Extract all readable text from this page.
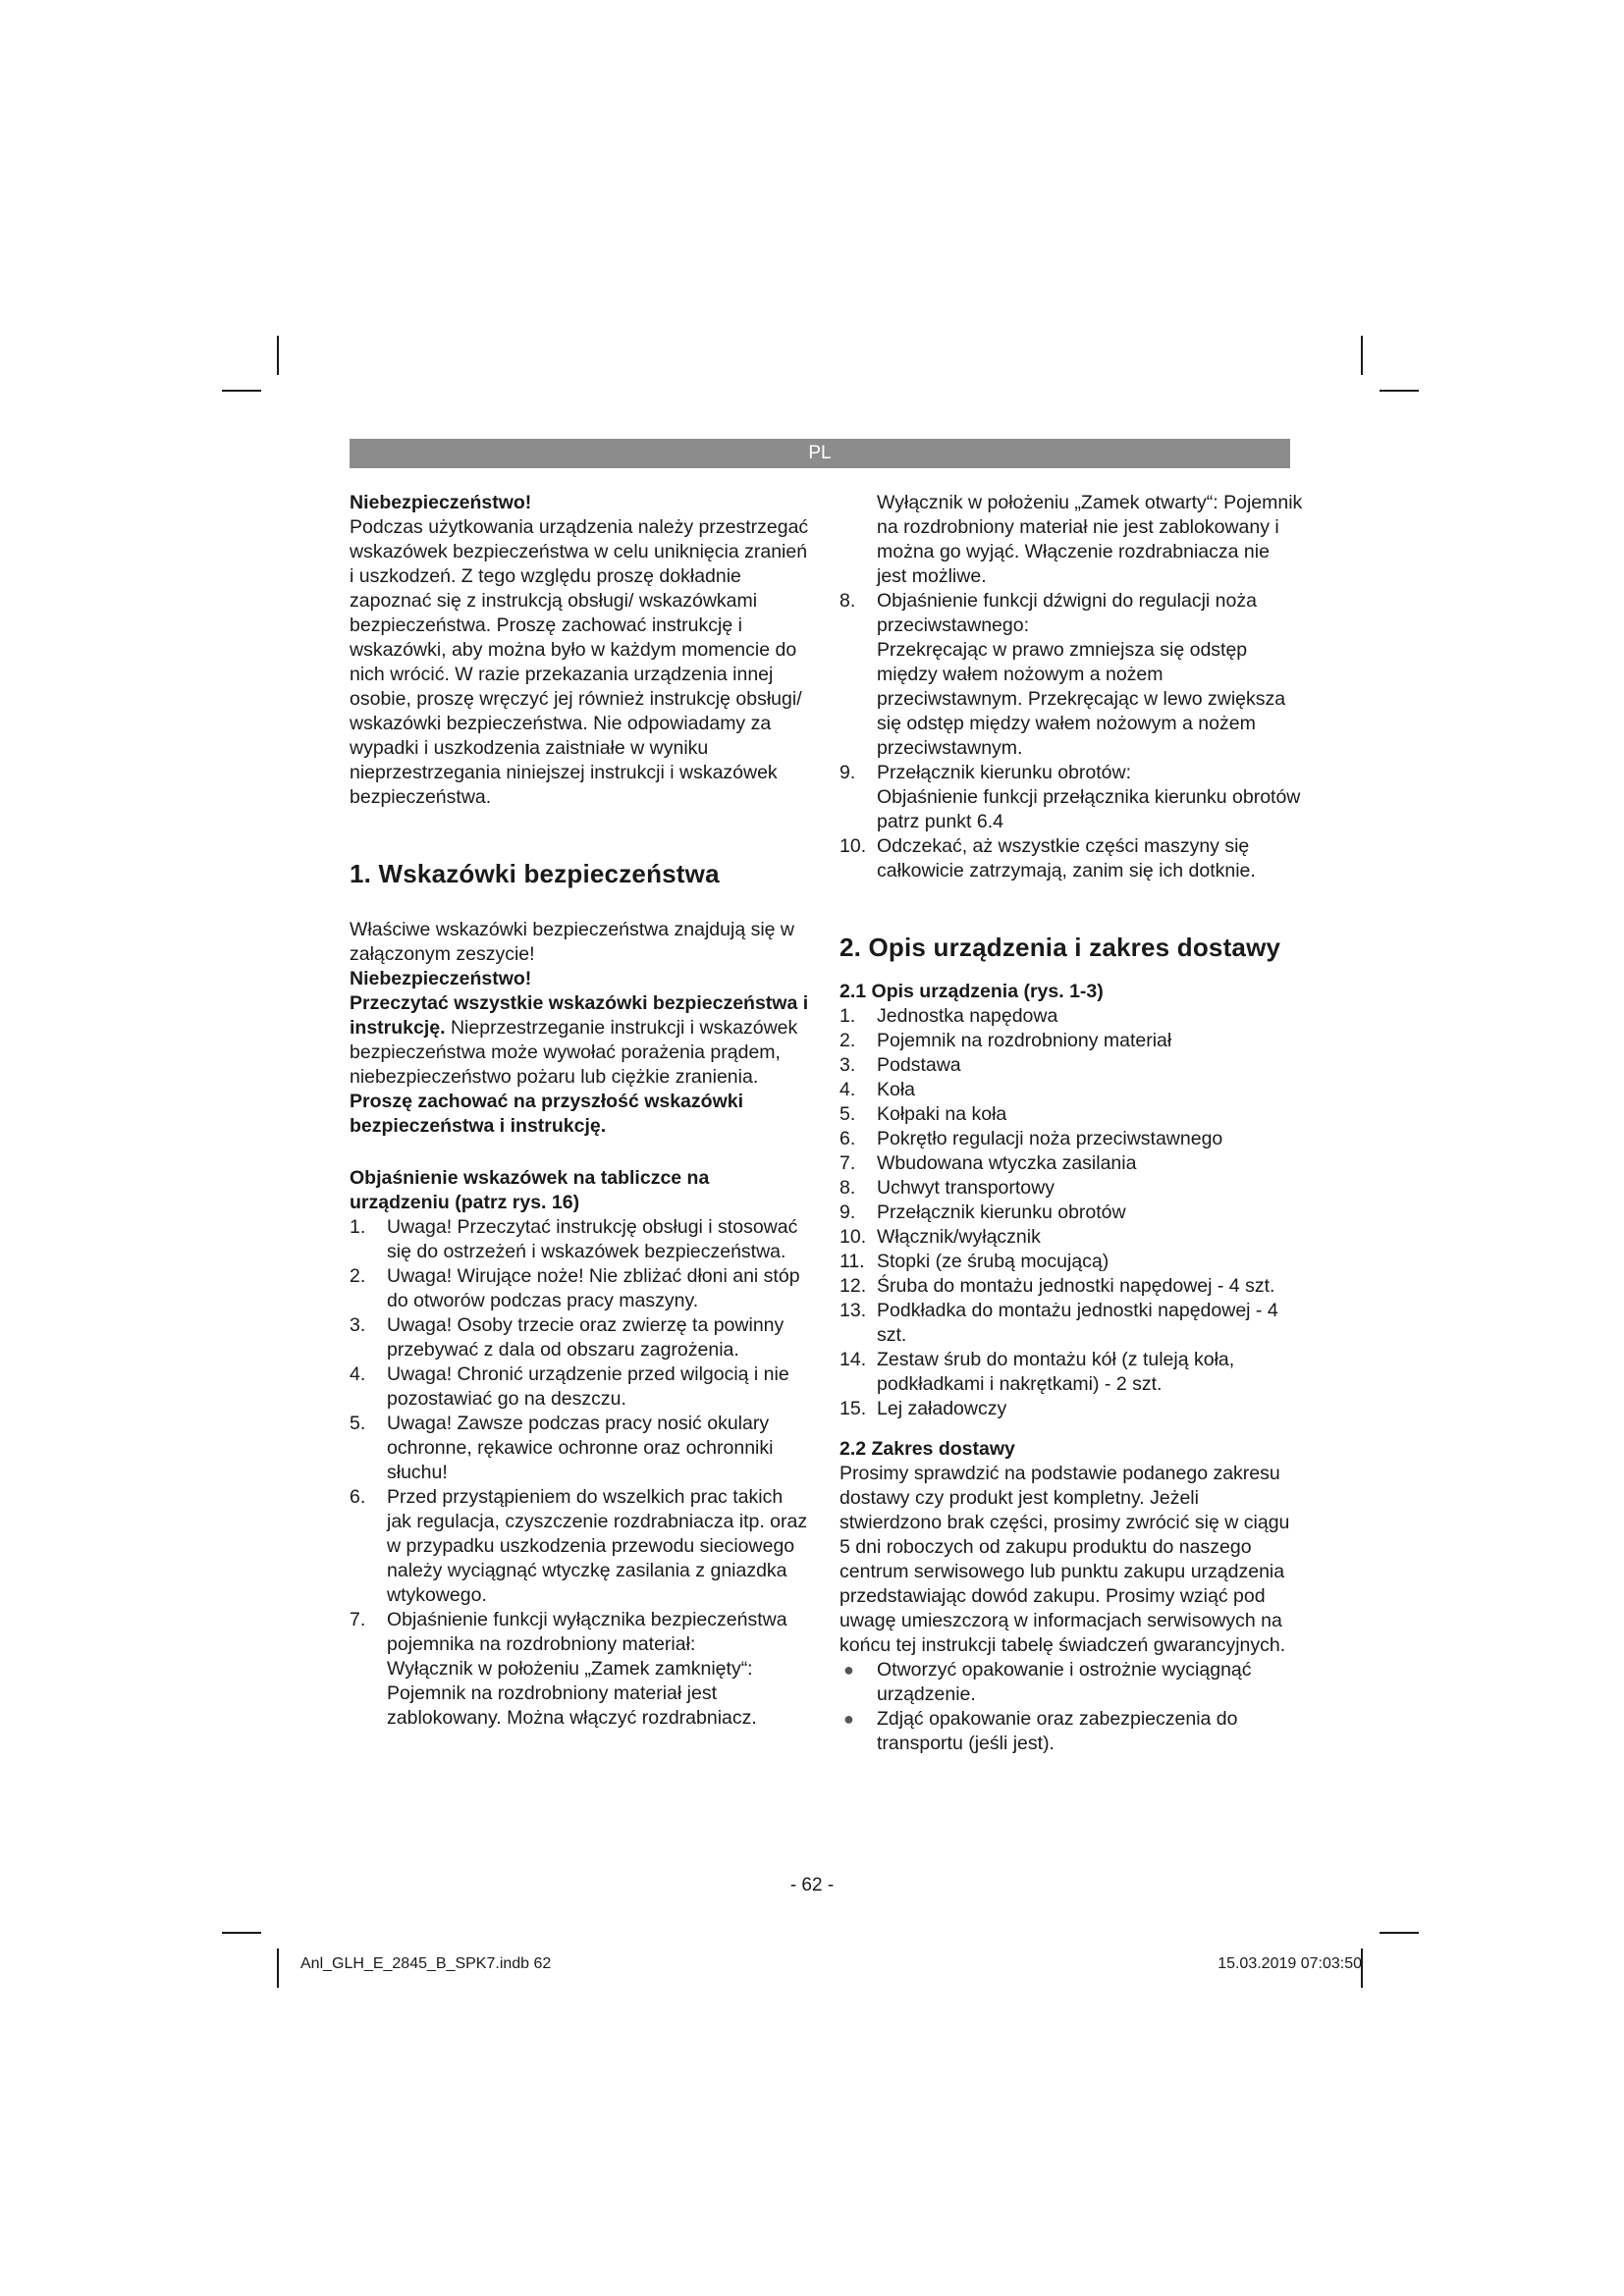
PL

Niebezpieczeństwo!

Podczas użytkowania urządzenia należy przestrzegać wskazówek bezpieczeństwa w celu uniknięcia zranień i uszkodzeń. Z tego względu proszę dokładnie zapoznać się z instrukcją obsługi/ wskazówkami bezpieczeństwa. Proszę zachować instrukcję i wskazówki, aby można było w każdym momencie do nich wrócić. W razie przekazania urządzenia innej osobie, proszę wręczyć jej również instrukcję obsługi/ wskazówki bezpieczeństwa. Nie odpowiadamy za wypadki i uszkodzenia zaistniałe w wyniku nieprzestrzegania niniejszej instrukcji i wskazówek bezpieczeństwa.

1. Wskazówki bezpieczeństwa

Właściwe wskazówki bezpieczeństwa znajdują się w załączonym zeszycie!

Niebezpieczeństwo!

Przeczytać wszystkie wskazówki bezpieczeństwa i instrukcję. Nieprzestrzeganie instrukcji i wskazówek bezpieczeństwa może wywołać porażenia prądem, niebezpieczeństwo pożaru lub ciężkie zranienia. Proszę zachować na przyszłość wskazówki bezpieczeństwa i instrukcję.

Objaśnienie wskazówek na tabliczce na urządzeniu (patrz rys. 16)

1. Uwaga! Przeczytać instrukcję obsługi i stosować się do ostrzeżeń i wskazówek bezpieczeństwa.
2. Uwaga! Wirujące noże! Nie zbliżać dłoni ani stóp do otworów podczas pracy maszyny.
3. Uwaga! Osoby trzecie oraz zwierzę ta powinny przebywać z dala od obszaru zagrożenia.
4. Uwaga! Chronić urządzenie przed wilgocią i nie pozostawiać go na deszczu.
5. Uwaga! Zawsze podczas pracy nosić okulary ochronne, rękawice ochronne oraz ochronniki słuchu!
6. Przed przystąpieniem do wszelkich prac takich jak regulacja, czyszczenie rozdrabniacza itp. oraz w przypadku uszkodzenia przewodu sieciowego należy wyciągnąć wtyczkę zasilania z gniazdka wtykowego.
7. Objaśnienie funkcji wyłącznika bezpieczeństwa pojemnika na rozdrobniony materiał:

Wyłącznik w położeniu „Zamek zamknięty“: Pojemnik na rozdrobniony materiał jest zablokowany. Można włączyć rozdrabniacz.

Wyłącznik w położeniu „Zamek otwarty“: Pojemnik na rozdrobniony materiał nie jest zablokowany i można go wyjąć. Włączenie rozdrabniacza nie jest możliwe.

8. Objaśnienie funkcji dźwigni do regulacji noża przeciwstawnego:
Przekręcając w prawo zmniejsza się odstęp między wałem nożowym a nożem przeciwstawnym. Przekręcając w lewo zwiększa się odstęp między wałem nożowym a nożem przeciwstawnym.
9. Przełącznik kierunku obrotów:
Objaśnienie funkcji przełącznika kierunku obrotów patrz punkt 6.4
10. Odczekać, aż wszystkie części maszyny się całkowicie zatrzymają, zanim się ich dotknie.
2. Opis urządzenia i zakres dostawy

2.1 Opis urządzenia (rys. 1-3)

1. Jednostka napędowa
2. Pojemnik na rozdrobniony materiał
3. Podstawa
4. Koła
5. Kołpaki na koła
6. Pokrętło regulacji noża przeciwstawnego
7. Wbudowana wtyczka zasilania
8. Uchwyt transportowy
9. Przełącznik kierunku obrotów
10. Włącznik/wyłącznik
11. Stopki (ze śrubą mocującą)
12. Śruba do montażu jednostki napędowej - 4 szt.
13. Podkładka do montażu jednostki napędowej - 4 szt.
14. Zestaw śrub do montażu kół (z tuleją koła, podkładkami i nakrętkami) - 2 szt.
15. Lej załadowczy

2.2 Zakres dostawy

Prosimy sprawdzić na podstawie podanego zakresu dostawy czy produkt jest kompletny. Jeżeli stwierdzono brak części, prosimy zwrócić się w ciągu 5 dni roboczych od zakupu produktu do naszego centrum serwisowego lub punktu zakupu urządzenia przedstawiając dowód zakupu. Prosimy wziąć pod uwagę umieszczorą w informacjach serwisowych na końcu tej instrukcji tabelę świadczeń gwarancyjnych.

● Otworzyć opakowanie i ostrożnie wyciągnąć urządzenie.
● Zdjąć opakowanie oraz zabezpieczenia do transportu (jeśli jest).
- 62 -
Anl_GLH_E_2845_B_SPK7.indb 62	15.03.2019 07:03:50
